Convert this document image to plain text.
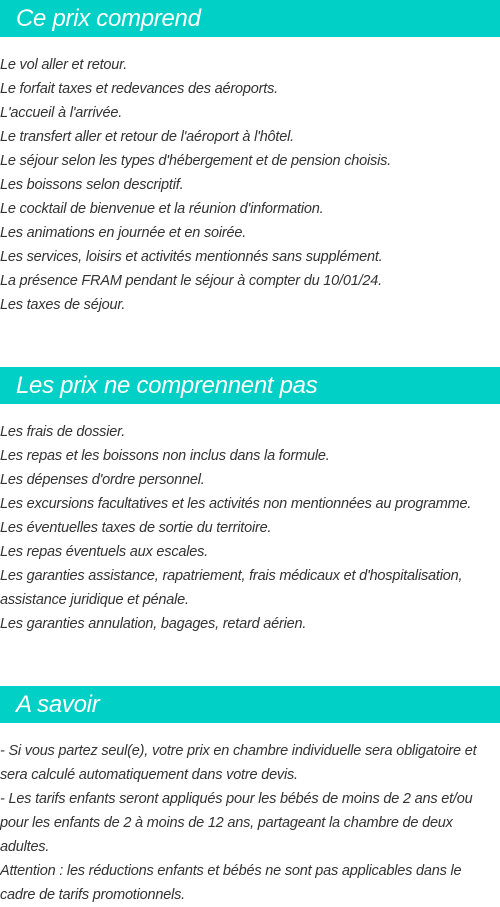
Ce prix comprend
Le vol aller et retour.
Le forfait taxes et redevances des aéroports.
L'accueil à l'arrivée.
Le transfert aller et retour de l'aéroport à l'hôtel.
Le séjour selon les types d'hébergement et de pension choisis.
Les boissons selon descriptif.
Le cocktail de bienvenue et la réunion d'information.
Les animations en journée et en soirée.
Les services, loisirs et activités mentionnés sans supplément.
La présence FRAM pendant le séjour à compter du 10/01/24.
Les taxes de séjour.
Les prix ne comprennent pas
Les frais de dossier.
Les repas et les boissons non inclus dans la formule.
Les dépenses d'ordre personnel.
Les excursions facultatives et les activités non mentionnées au programme.
Les éventuelles taxes de sortie du territoire.
Les repas éventuels aux escales.
Les garanties assistance, rapatriement, frais médicaux et d'hospitalisation, assistance juridique et pénale.
Les garanties annulation, bagages, retard aérien.
A savoir
- Si vous partez seul(e), votre prix en chambre individuelle sera obligatoire et sera calculé automatiquement dans votre devis.
- Les tarifs enfants seront appliqués pour les bébés de moins de 2 ans et/ou pour les enfants de 2 à moins de 12 ans, partageant la chambre de deux adultes.
Attention : les réductions enfants et bébés ne sont pas applicables dans le cadre de tarifs promotionnels.
